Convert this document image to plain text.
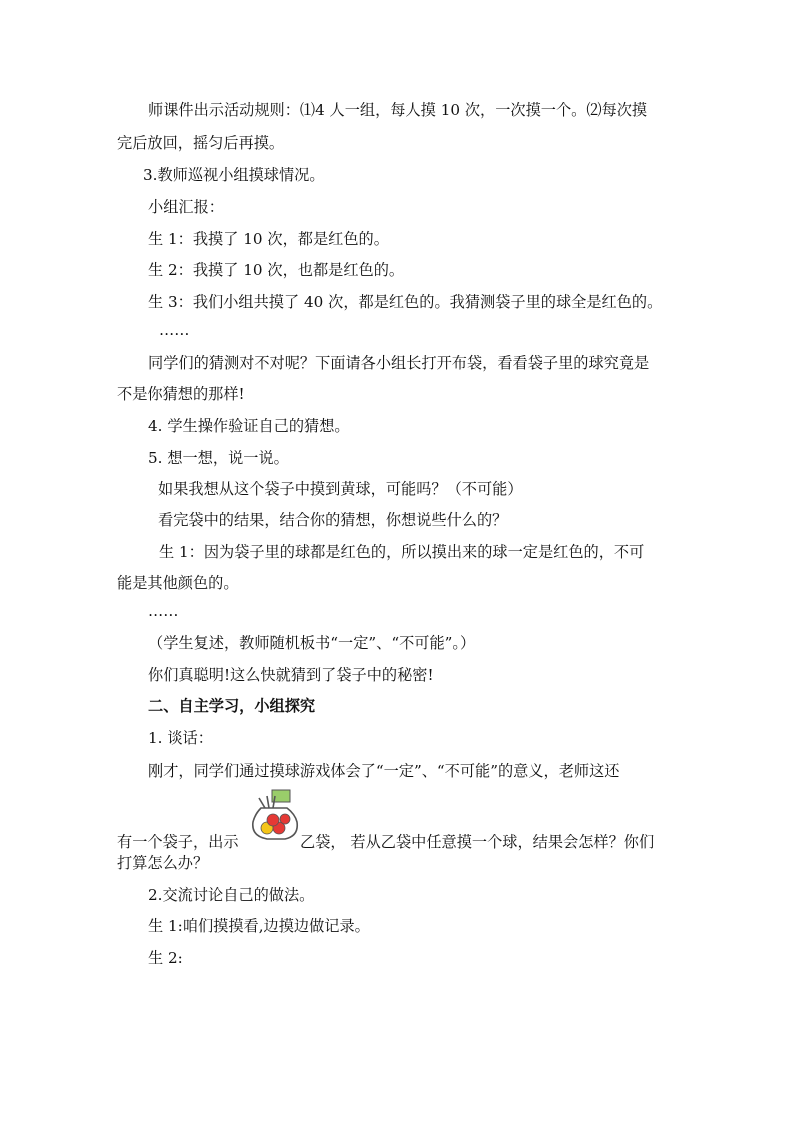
师课件出示活动规则：⑴4 人一组，每人摸 10 次，一次摸一个。⑵每次摸

完后放回，摇匀后再摸。

3.教师巡视小组摸球情况。

小组汇报：

生 1：我摸了 10 次，都是红色的。

生 2：我摸了 10 次，也都是红色的。

生 3：我们小组共摸了 40 次，都是红色的。我猜测袋子里的球全是红色的。

……

同学们的猜测对不对呢？下面请各小组长打开布袋，看看袋子里的球究竟是

不是你猜想的那样!

4. 学生操作验证自己的猜想。

5. 想一想，说一说。

如果我想从这个袋子中摸到黄球，可能吗？（不可能）

看完袋中的结果，结合你的猜想，你想说些什么的？

生 1：因为袋子里的球都是红色的，所以摸出来的球一定是红色的，不可

能是其他颜色的。

……

（学生复述，教师随机板书“一定”、“不可能”。）

你们真聪明!这么快就猜到了袋子中的秘密!

二、自主学习，小组探究

1. 谈话：

刚才，同学们通过摸球游戏体会了“一定”、“不可能”的意义，老师这还

有一个袋子，出示	乙袋， 若从乙袋中任意摸一个球，结果会怎样？你们

打算怎么办？

2.交流讨论自己的做法。

生 1:咱们摸摸看,边摸边做记录。

生 2:
